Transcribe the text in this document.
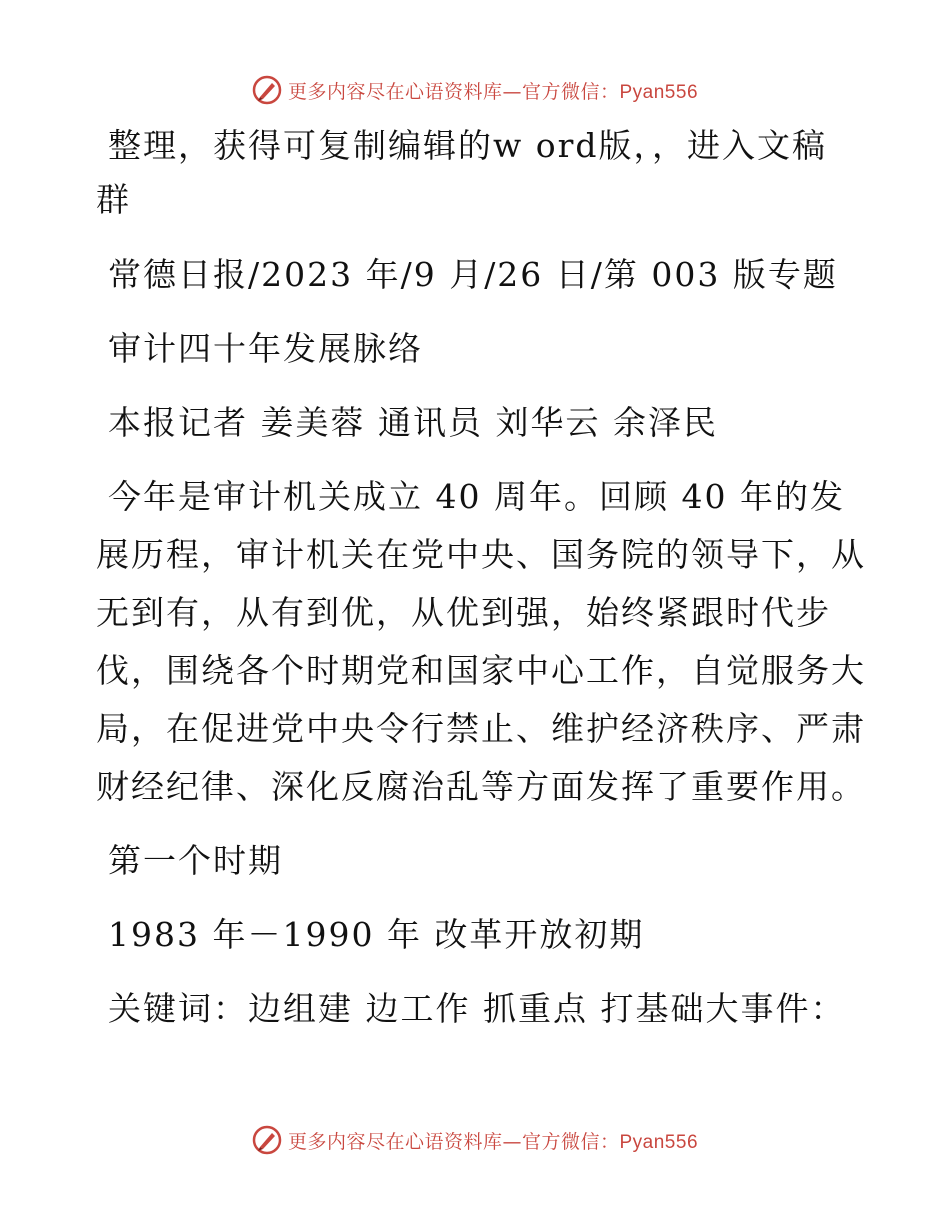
更多内容尽在心语资料库—官方微信：Pyan556

整理，获得可复制编辑的w ord版，，进入文稿

群

常德日报/2023 年/9 月/26 日/第 003 版专题

审计四十年发展脉络

本报记者 姜美蓉 通讯员 刘华云 余泽民

今年是审计机关成立 40 周年。回顾 40 年的发

展历程，审计机关在党中央、国务院的领导下，从

无到有，从有到优，从优到强，始终紧跟时代步

伐，围绕各个时期党和国家中心工作，自觉服务大

局，在促进党中央令行禁止、维护经济秩序、严肃

财经纪律、深化反腐治乱等方面发挥了重要作用。

第一个时期

1983 年－1990 年 改革开放初期

关键词：边组建 边工作 抓重点 打基础大事件：

更多内容尽在心语资料库—官方微信：Pyan556
